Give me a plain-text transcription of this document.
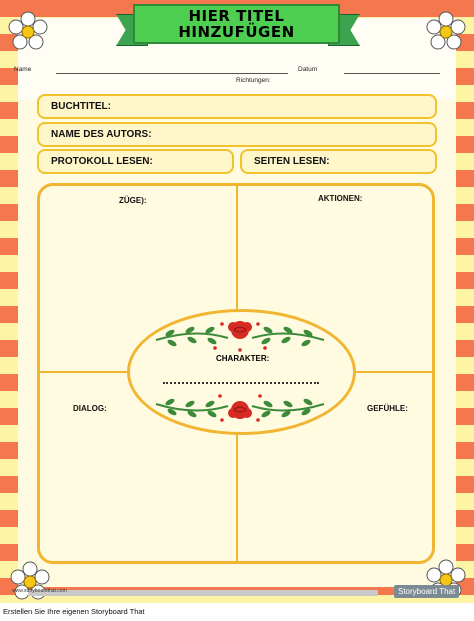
HIER TITEL
HINZUFÜGEN
Name	Datum
Richtungen:
BUCHTITEL:
NAME DES AUTORS:
PROTOKOLL LESEN:	SEITEN LESEN:
ZÜGE):	AKTIONEN:
DIALOG:	GEFÜHLE:
CHARAKTER:
www.storyboardthat.com	Storyboard That
Erstellen Sie Ihre eigenen Storyboard That
